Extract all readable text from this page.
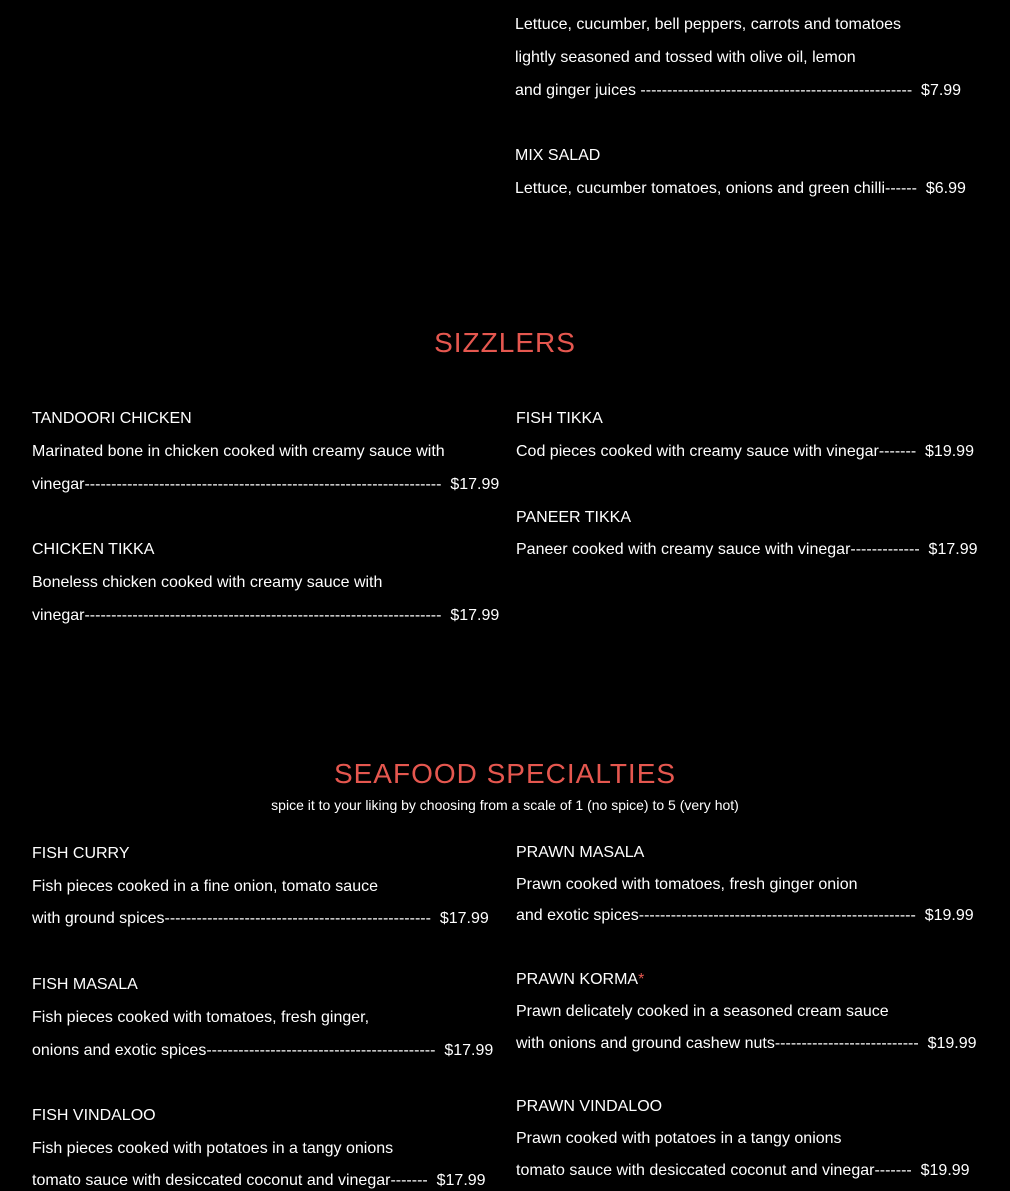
Lettuce, cucumber, bell peppers, carrots and tomatoes
lightly seasoned and tossed with olive oil, lemon
and ginger juices ---------------------------------------------------  $7.99
MIX SALAD
Lettuce, cucumber tomatoes, onions and green chilli------  $6.99
SIZZLERS
TANDOORI CHICKEN
Marinated bone in chicken cooked with creamy sauce with
vinegar-------------------------------------------------------------------  $17.99
CHICKEN TIKKA
Boneless chicken cooked with creamy sauce with
vinegar-------------------------------------------------------------------  $17.99
FISH TIKKA
Cod pieces cooked with creamy sauce with vinegar-------  $19.99
PANEER TIKKA
Paneer cooked with creamy sauce with vinegar-------------  $17.99
SEAFOOD SPECIALTIES
spice it to your liking by choosing from a scale of 1 (no spice) to 5 (very hot)
FISH CURRY
Fish pieces cooked in a fine onion, tomato sauce
with ground spices--------------------------------------------------  $17.99
FISH MASALA
Fish pieces cooked with tomatoes, fresh ginger,
onions and exotic spices-------------------------------------------  $17.99
FISH VINDALOO
Fish pieces cooked with potatoes in a tangy onions
tomato sauce with desiccated coconut and vinegar-------  $17.99
PRAWN MASALA
Prawn cooked with tomatoes, fresh ginger onion
and exotic spices----------------------------------------------------  $19.99
PRAWN KORMA*
Prawn delicately cooked in a seasoned cream sauce
with onions and ground cashew nuts---------------------------  $19.99
PRAWN VINDALOO
Prawn cooked with potatoes in a tangy onions
tomato sauce with desiccated coconut and vinegar-------  $19.99
